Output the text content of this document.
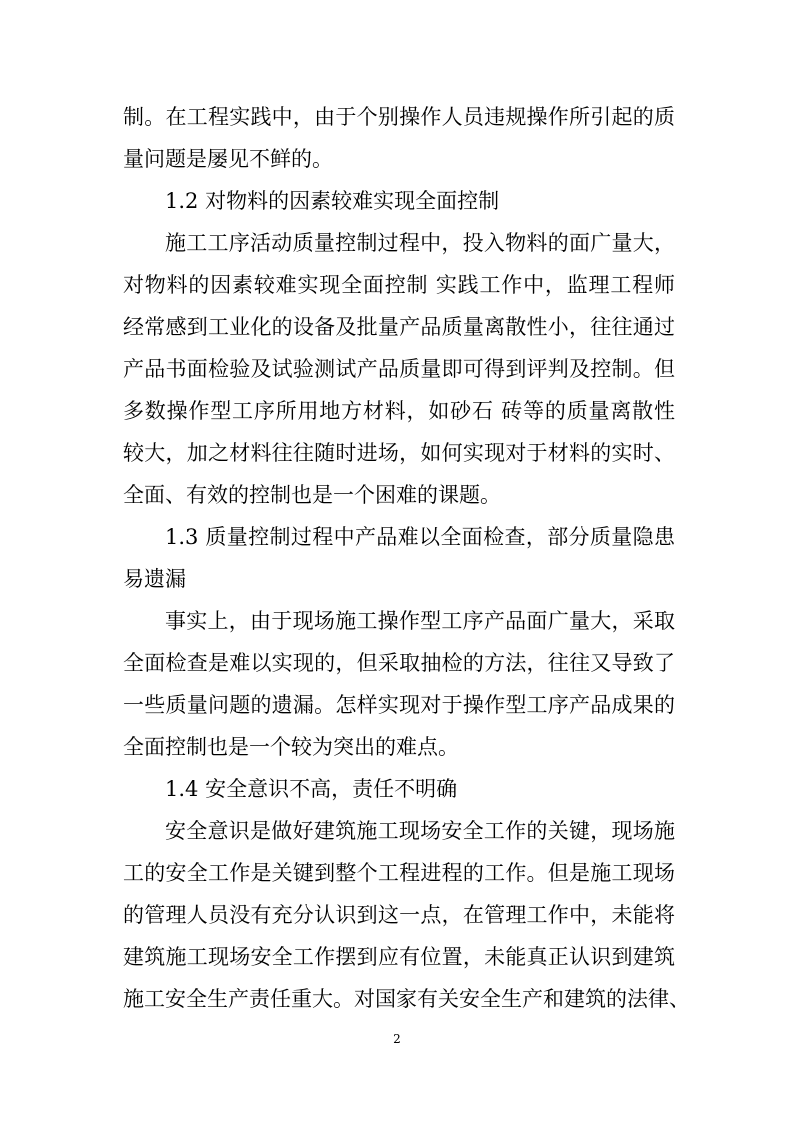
制。在工程实践中，由于个别操作人员违规操作所引起的质
量问题是屡见不鲜的。
1.2 对物料的因素较难实现全面控制
施工工序活动质量控制过程中，投入物料的面广量大，
对物料的因素较难实现全面控制 实践工作中，监理工程师
经常感到工业化的设备及批量产品质量离散性小，往往通过
产品书面检验及试验测试产品质量即可得到评判及控制。但
多数操作型工序所用地方材料，如砂石 砖等的质量离散性
较大，加之材料往往随时进场，如何实现对于材料的实时、
全面、有效的控制也是一个困难的课题。
1.3 质量控制过程中产品难以全面检查，部分质量隐患
易遗漏
事实上，由于现场施工操作型工序产品面广量大，采取
全面检查是难以实现的，但采取抽检的方法，往往又导致了
一些质量问题的遗漏。怎样实现对于操作型工序产品成果的
全面控制也是一个较为突出的难点。
1.4 安全意识不高，责任不明确
安全意识是做好建筑施工现场安全工作的关键，现场施
工的安全工作是关键到整个工程进程的工作。但是施工现场
的管理人员没有充分认识到这一点，在管理工作中，未能将
建筑施工现场安全工作摆到应有位置，未能真正认识到建筑
施工安全生产责任重大。对国家有关安全生产和建筑的法律、
2
